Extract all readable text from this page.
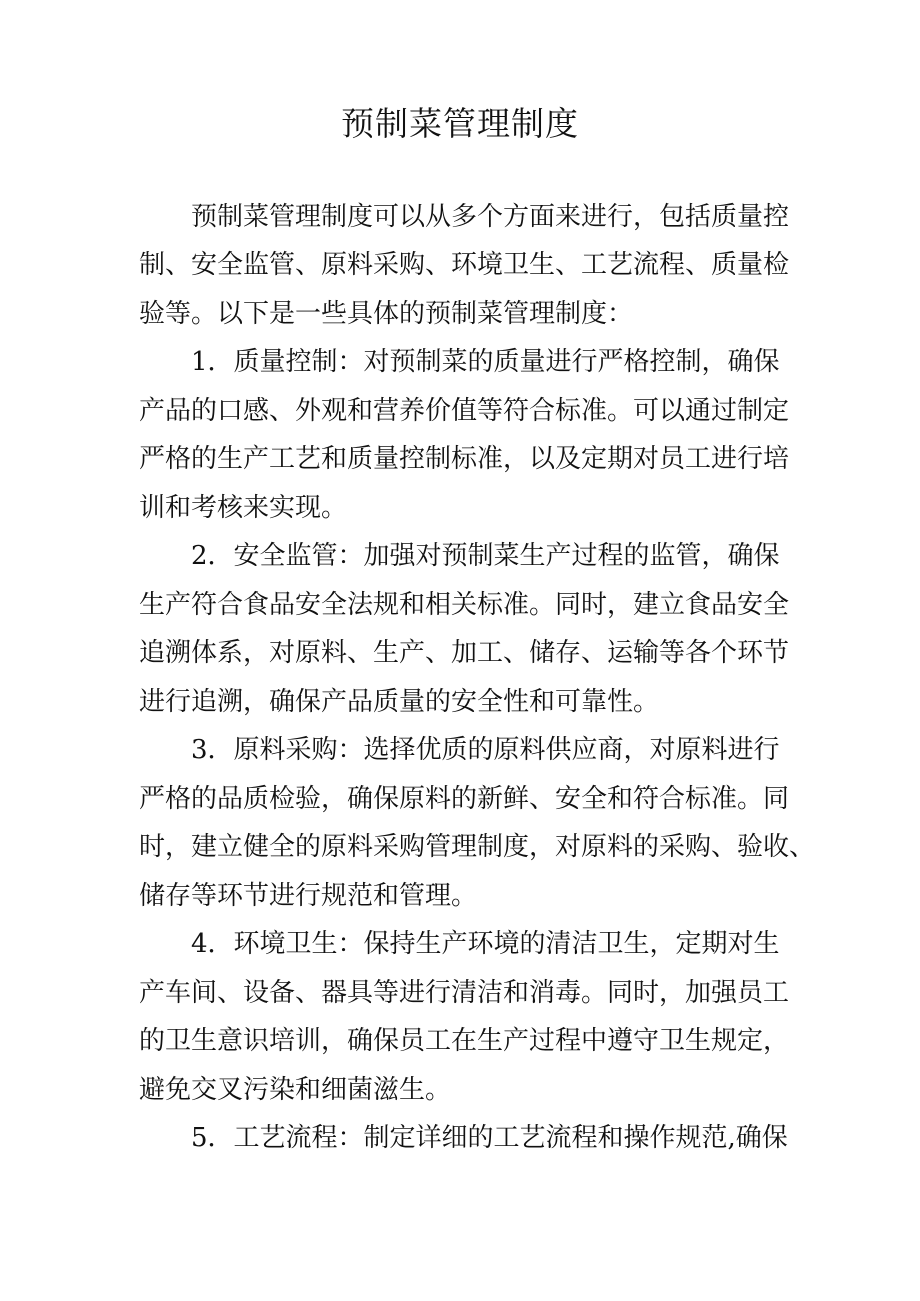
预制菜管理制度
预制菜管理制度可以从多个方面来进行，包括质量控
制、安全监管、原料采购、环境卫生、工艺流程、质量检
验等。以下是一些具体的预制菜管理制度：
1．质量控制：对预制菜的质量进行严格控制，确保
产品的口感、外观和营养价值等符合标准。可以通过制定
严格的生产工艺和质量控制标准，以及定期对员工进行培
训和考核来实现。
2．安全监管：加强对预制菜生产过程的监管，确保
生产符合食品安全法规和相关标准。同时，建立食品安全
追溯体系，对原料、生产、加工、储存、运输等各个环节
进行追溯，确保产品质量的安全性和可靠性。
3．原料采购：选择优质的原料供应商，对原料进行
严格的品质检验，确保原料的新鲜、安全和符合标准。同
时，建立健全的原料采购管理制度，对原料的采购、验收、
储存等环节进行规范和管理。
4．环境卫生：保持生产环境的清洁卫生，定期对生
产车间、设备、器具等进行清洁和消毒。同时，加强员工
的卫生意识培训，确保员工在生产过程中遵守卫生规定，
避免交叉污染和细菌滋生。
5．工艺流程：制定详细的工艺流程和操作规范,确保
